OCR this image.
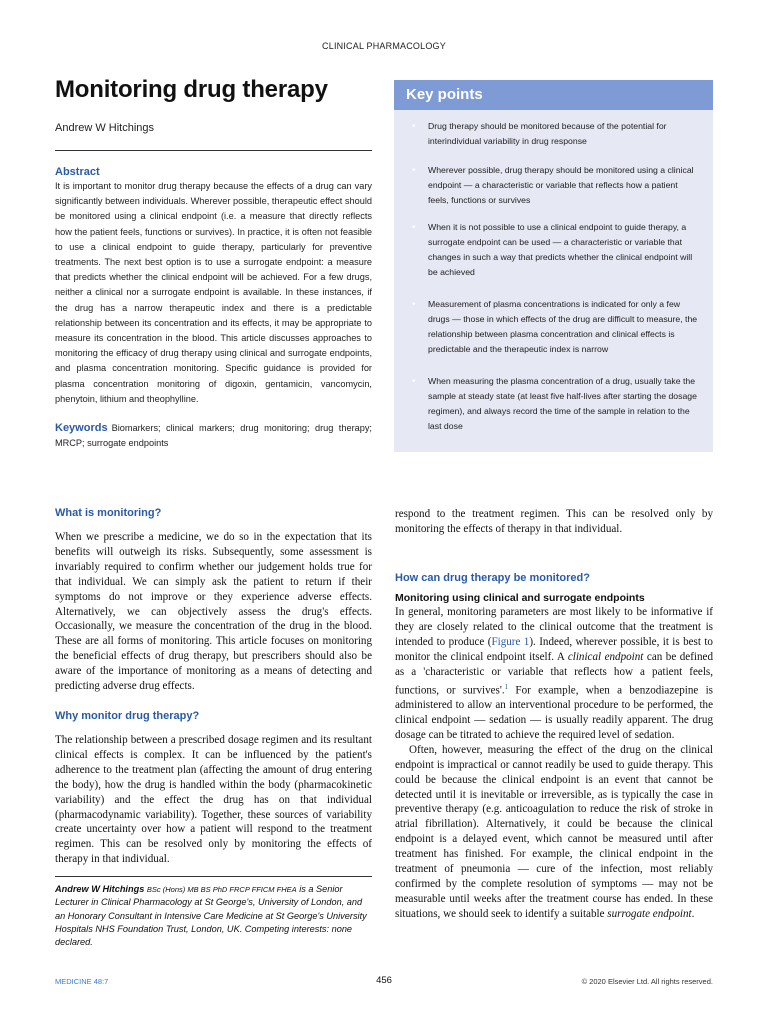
CLINICAL PHARMACOLOGY
Monitoring drug therapy
Andrew W Hitchings
Abstract

It is important to monitor drug therapy because the effects of a drug can vary significantly between individuals. Wherever possible, therapeutic effect should be monitored using a clinical endpoint (i.e. a measure that directly reflects how the patient feels, functions or survives). In practice, it is often not feasible to use a clinical endpoint to guide therapy, particularly for preventive treatments. The next best option is to use a surrogate endpoint: a measure that predicts whether the clinical endpoint will be achieved. For a few drugs, neither a clinical nor a surrogate endpoint is available. In these instances, if the drug has a narrow therapeutic index and there is a predictable relationship between its concentration and its effects, it may be appropriate to measure its concentration in the blood. This article discusses approaches to monitoring the efficacy of drug therapy using clinical and surrogate endpoints, and plasma concentration monitoring. Specific guidance is provided for plasma concentration monitoring of digoxin, gentamicin, vancomycin, phenytoin, lithium and theophylline.

Keywords Biomarkers; clinical markers; drug monitoring; drug therapy; MRCP; surrogate endpoints
Key points
• Drug therapy should be monitored because of the potential for interindividual variability in drug response
• Wherever possible, drug therapy should be monitored using a clinical endpoint — a characteristic or variable that reflects how a patient feels, functions or survives
• When it is not possible to use a clinical endpoint to guide therapy, a surrogate endpoint can be used — a characteristic or variable that changes in such a way that predicts whether the clinical endpoint will be achieved
• Measurement of plasma concentrations is indicated for only a few drugs — those in which effects of the drug are difficult to measure, the relationship between plasma concentration and clinical effects is predictable and the therapeutic index is narrow
• When measuring the plasma concentration of a drug, usually take the sample at steady state (at least five half-lives after starting the dosage regimen), and always record the time of the sample in relation to the last dose
What is monitoring?

When we prescribe a medicine, we do so in the expectation that its benefits will outweigh its risks. Subsequently, some assessment is invariably required to confirm whether our judgement holds true for that individual. We can simply ask the patient to return if their symptoms do not improve or they experience adverse effects. Alternatively, we can objectively assess the drug's effects. Occasionally, we measure the concentration of the drug in the blood. These are all forms of monitoring. This article focuses on monitoring the beneficial effects of drug therapy, but prescribers should also be aware of the importance of monitoring as a means of detecting and predicting adverse drug effects.

Why monitor drug therapy?

The relationship between a prescribed dosage regimen and its resultant clinical effects is complex. It can be influenced by the patient's adherence to the treatment plan (affecting the amount of drug entering the body), how the drug is handled within the body (pharmacokinetic variability) and the effect the drug has on that individual (pharmacodynamic variability). Together, these sources of variability create uncertainty over how a patient will respond to the treatment regimen. This can be resolved only by monitoring the effects of therapy in that individual.

respond to the treatment regimen. This can be resolved only by monitoring the effects of therapy in that individual.

How can drug therapy be monitored?
Monitoring using clinical and surrogate endpoints

In general, monitoring parameters are most likely to be informative if they are closely related to the clinical outcome that the treatment is intended to produce (Figure 1). Indeed, wherever possible, it is best to monitor the clinical endpoint itself. A clinical endpoint can be defined as a 'characteristic or variable that reflects how a patient feels, functions, or survives'.$^1$ For example, when a benzodiazepine is administered to allow an interventional procedure to be performed, the clinical endpoint — sedation — is usually readily apparent. The drug dosage can be titrated to achieve the required level of sedation.

Often, however, measuring the effect of the drug on the clinical endpoint is impractical or cannot readily be used to guide therapy. This could be because the clinical endpoint is an event that cannot be detected until it is inevitable or irreversible, as is typically the case in preventive therapy (e.g. anticoagulation to reduce the risk of stroke in atrial fibrillation). Alternatively, it could be because the clinical endpoint is a delayed event, which cannot be measured until after treatment has finished. For example, the clinical endpoint in the treatment of pneumonia — cure of the infection, most reliably confirmed by the complete resolution of symptoms — may not be measurable until weeks after the treatment course has ended. In these situations, we should seek to identify a suitable surrogate endpoint.

Andrew W Hitchings BSc (Hons) MB BS PhD FRCP FFICM FHEA is a Senior Lecturer in Clinical Pharmacology at St George's, University of London, and an Honorary Consultant in Intensive Care Medicine at St George's University Hospitals NHS Foundation Trust, London, UK. Competing interests: none declared.
MEDICINE 48:7	456	© 2020 Elsevier Ltd. All rights reserved.
